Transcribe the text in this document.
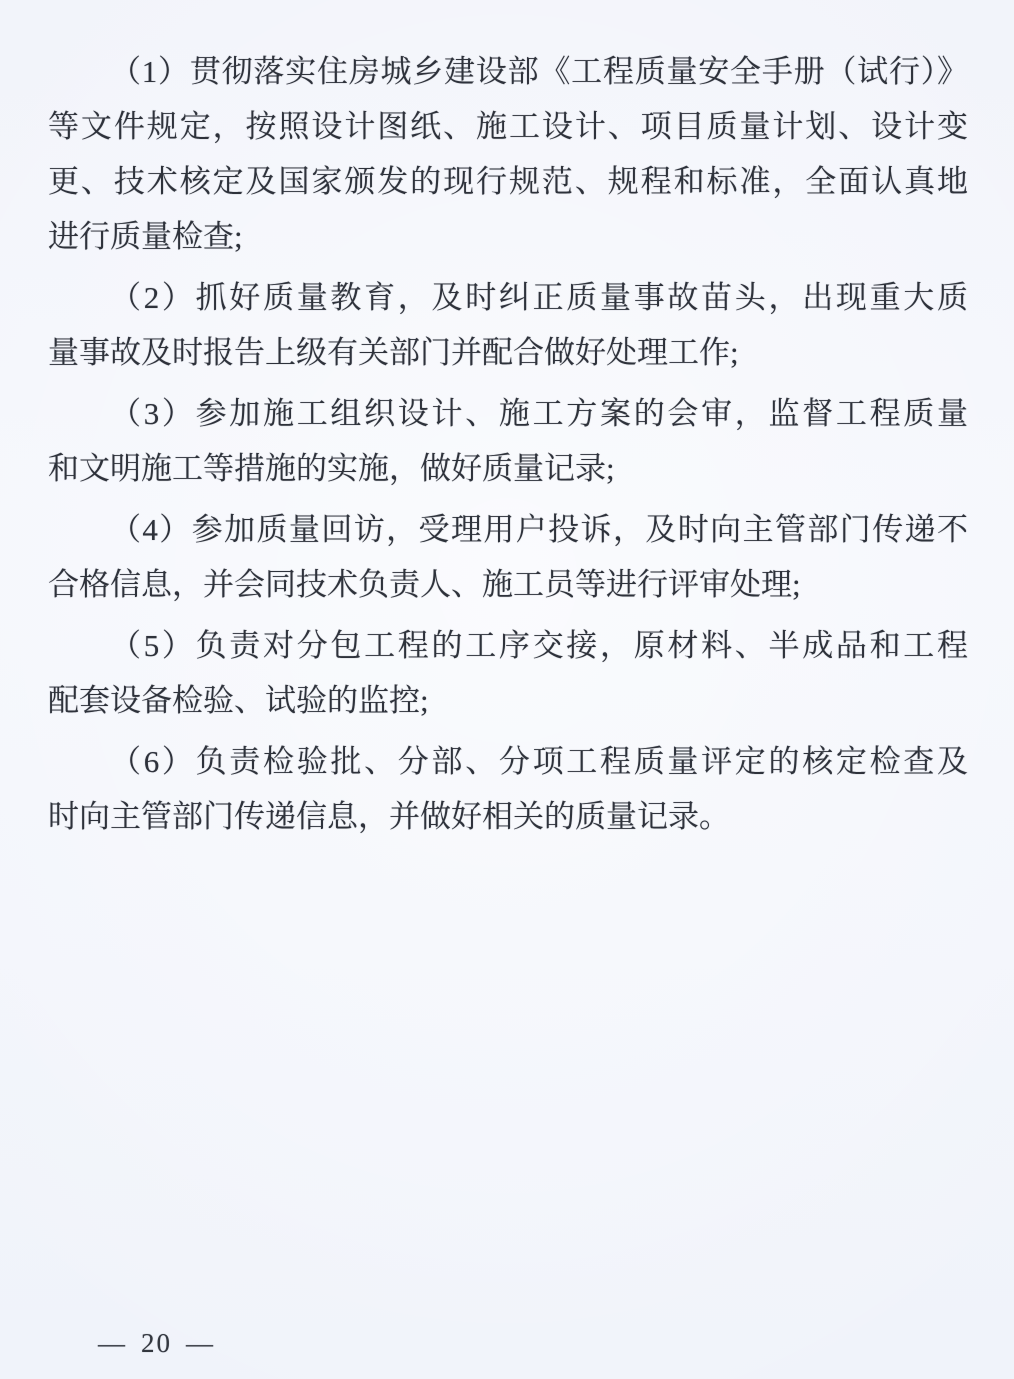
（1）贯彻落实住房城乡建设部《工程质量安全手册（试行）》
等文件规定，按照设计图纸、施工设计、项目质量计划、设计变
更、技术核定及国家颁发的现行规范、规程和标准，全面认真地
进行质量检查;
（2）抓好质量教育，及时纠正质量事故苗头，出现重大质
量事故及时报告上级有关部门并配合做好处理工作;
（3）参加施工组织设计、施工方案的会审，监督工程质量
和文明施工等措施的实施，做好质量记录;
（4）参加质量回访，受理用户投诉，及时向主管部门传递不
合格信息，并会同技术负责人、施工员等进行评审处理;
（5）负责对分包工程的工序交接，原材料、半成品和工程
配套设备检验、试验的监控;
（6）负责检验批、分部、分项工程质量评定的核定检查及
时向主管部门传递信息，并做好相关的质量记录。
— 20 —
